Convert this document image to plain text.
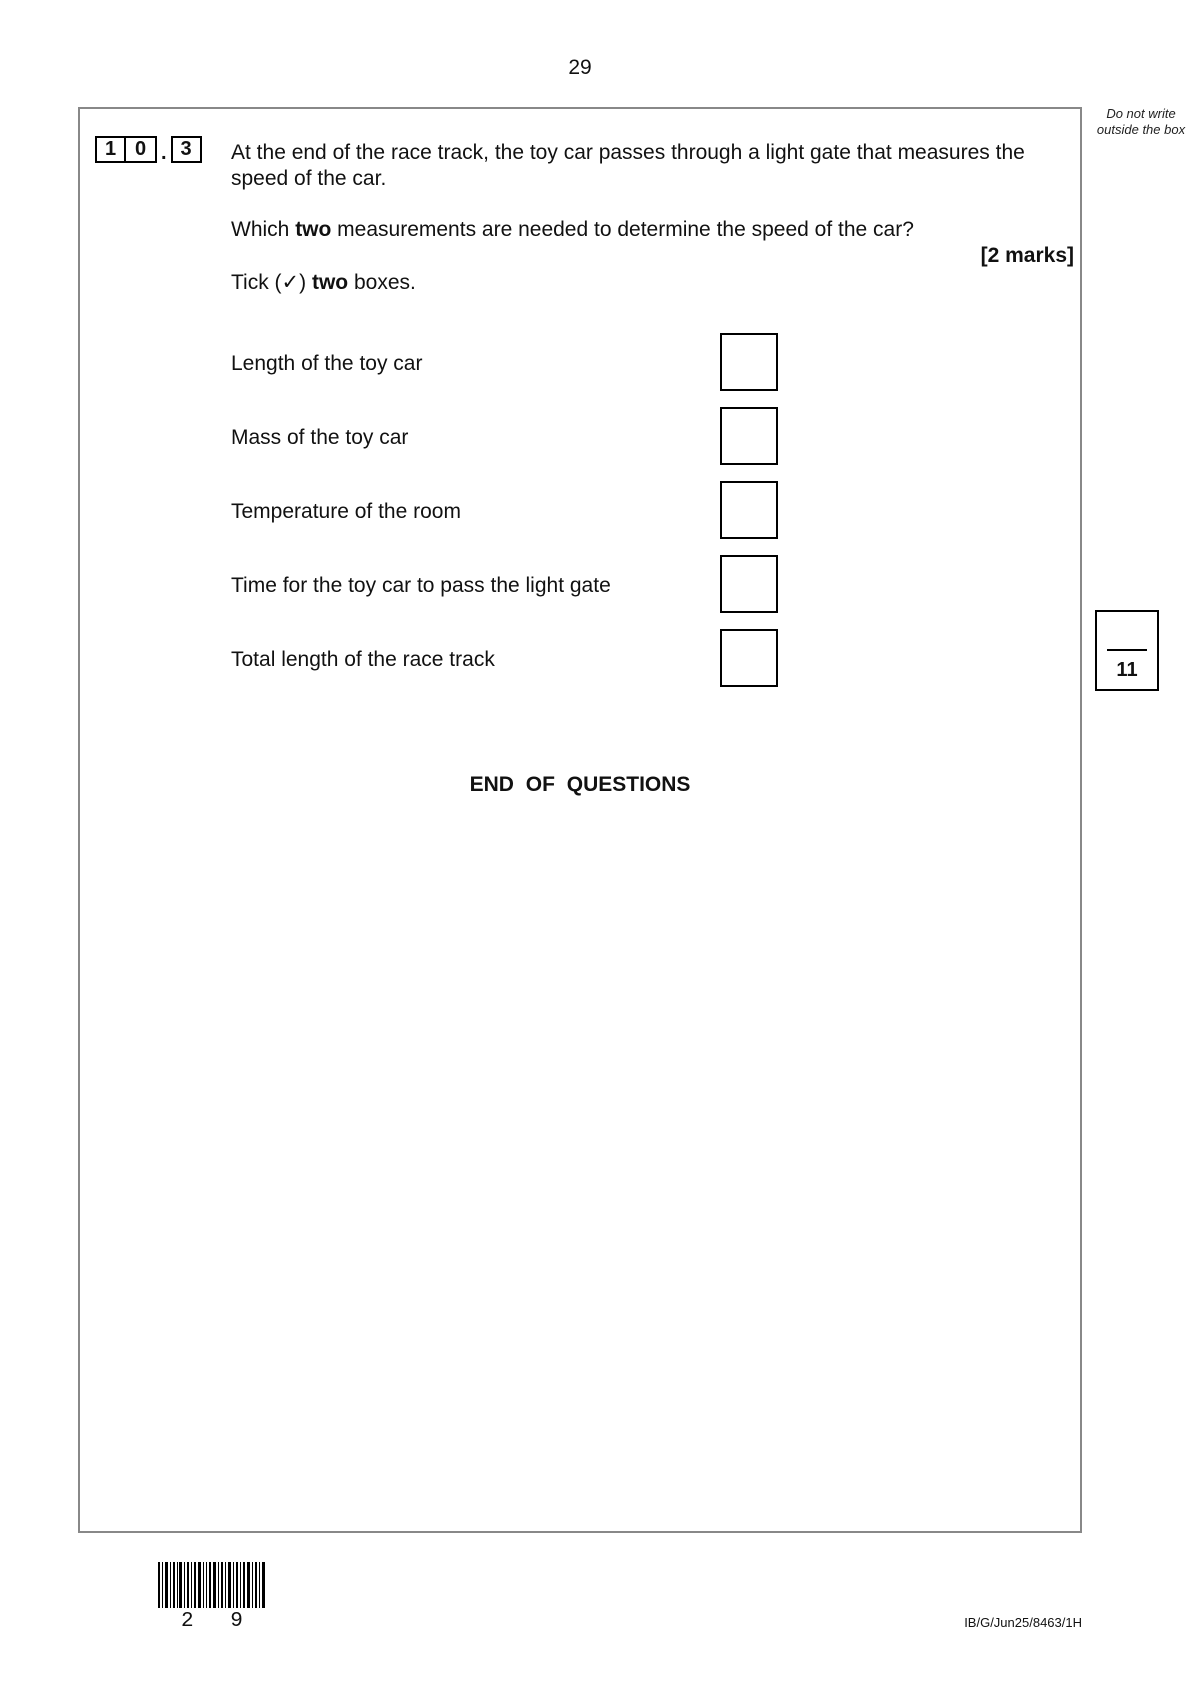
29
Do not write outside the box
1 0 . 3	At the end of the race track, the toy car passes through a light gate that measures the speed of the car.
Which two measurements are needed to determine the speed of the car?
[2 marks]
Tick (✓) two boxes.
Length of the toy car
Mass of the toy car
Temperature of the room
Time for the toy car to pass the light gate
Total length of the race track
END OF QUESTIONS
11
2 9	IB/G/Jun25/8463/1H
